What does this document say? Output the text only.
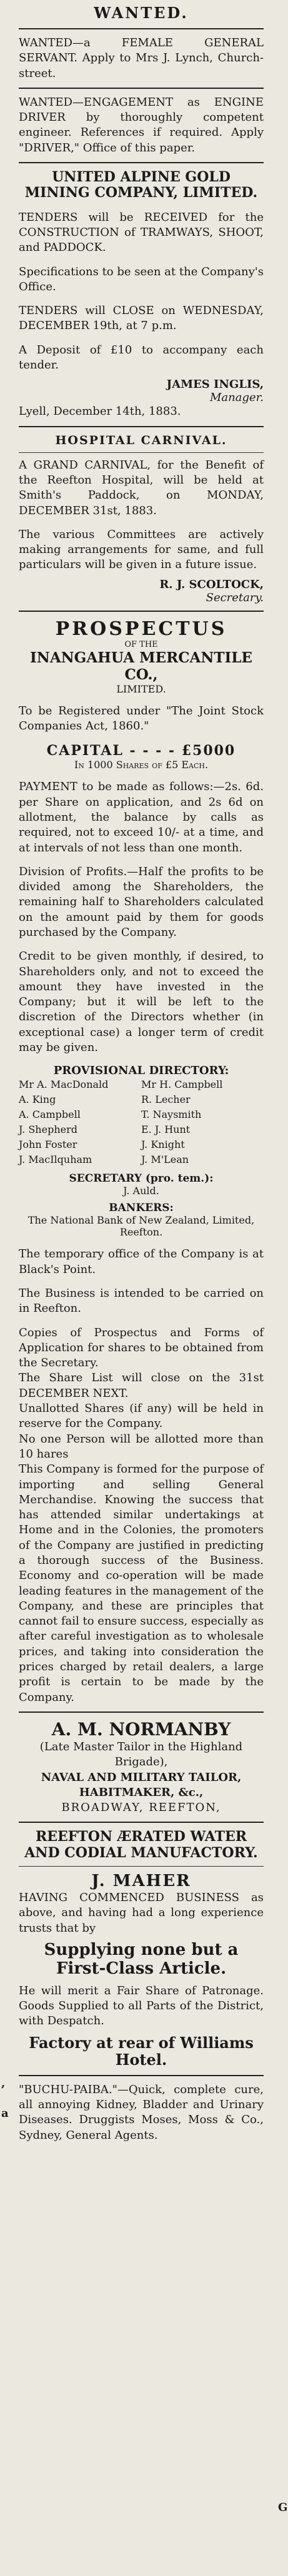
,
a
G
WANTED.
WANTED—a FEMALE GENERAL SERVANT. Apply to Mrs J. Lynch, Church-street.
WANTED—ENGAGEMENT as ENGINE DRIVER by thoroughly competent engineer. References if required. Apply "DRIVER," Office of this paper.
UNITED ALPINE GOLD MINING COMPANY, LIMITED.
TENDERS will be RECEIVED for the CONSTRUCTION of TRAMWAYS, SHOOT, and PADDOCK.
Specifications to be seen at the Company's Office.
TENDERS will CLOSE on WEDNESDAY, DECEMBER 19th, at 7 p.m.
A Deposit of £10 to accompany each tender.
JAMES INGLIS,
Manager.
Lyell, December 14th, 1883.
HOSPITAL CARNIVAL.
A GRAND CARNIVAL, for the Benefit of the Reefton Hospital, will be held at Smith's Paddock, on MONDAY, DECEMBER 31st, 1883.
The various Committees are actively making arrangements for same, and full particulars will be given in a future issue.
R. J. SCOLTOCK,
Secretary.
PROSPECTUS
OF THE
INANGAHUA MERCANTILE CO.,
LIMITED.
To be Registered under "The Joint Stock Companies Act, 1860."
CAPITAL - - - - £5000
In 1000 Shares of £5 Each.
PAYMENT to be made as follows:—2s. 6d. per Share on application, and 2s 6d on allotment, the balance by calls as required, not to exceed 10/- at a time, and at intervals of not less than one month.
Division of Profits.—Half the profits to be divided among the Shareholders, the remaining half to Shareholders calculated on the amount paid by them for goods purchased by the Company.
Credit to be given monthly, if desired, to Shareholders only, and not to exceed the amount they have invested in the Company; but it will be left to the discretion of the Directors whether (in exceptional case) a longer term of credit may be given.
PROVISIONAL DIRECTORY:
Mr A. MacDonald
A. King
A. Campbell
J. Shepherd
John Foster
J. MacIlquham
Mr H. Campbell
R. Lecher
T. Naysmith
E. J. Hunt
J. Knight
J. M'Lean
SECRETARY (pro. tem.):
J. Auld.
BANKERS:
The National Bank of New Zealand, Limited, Reefton.
The temporary office of the Company is at Black's Point.
The Business is intended to be carried on in Reefton.
Copies of Prospectus and Forms of Application for shares to be obtained from the Secretary.
The Share List will close on the 31st DECEMBER NEXT.
Unallotted Shares (if any) will be held in reserve for the Company.
No one Person will be allotted more than 10 hares
This Company is formed for the purpose of importing and selling General Merchandise. Knowing the success that has attended similar undertakings at Home and in the Colonies, the promoters of the Company are justified in predicting a thorough success of the Business. Economy and co-operation will be made leading features in the management of the Company, and these are principles that cannot fail to ensure success, especially as after careful investigation as to wholesale prices, and taking into consideration the prices charged by retail dealers, a large profit is certain to be made by the Company.
A. M. NORMANBY
(Late Master Tailor in the Highland Brigade),
NAVAL AND MILITARY TAILOR, HABITMAKER, &c.,
BROADWAY, REEFTON,
REEFTON ÆRATED WATER AND CODIAL MANUFACTORY.
J. MAHER
HAVING COMMENCED BUSINESS as above, and having had a long experience trusts that by
Supplying none but a First-Class Article.
He will merit a Fair Share of Patronage. Goods Supplied to all Parts of the District, with Despatch.
Factory at rear of Williams Hotel.
"BUCHU-PAIBA."—Quick, complete cure, all annoying Kidney, Bladder and Urinary Diseases. Druggists Moses, Moss & Co., Sydney, General Agents.
